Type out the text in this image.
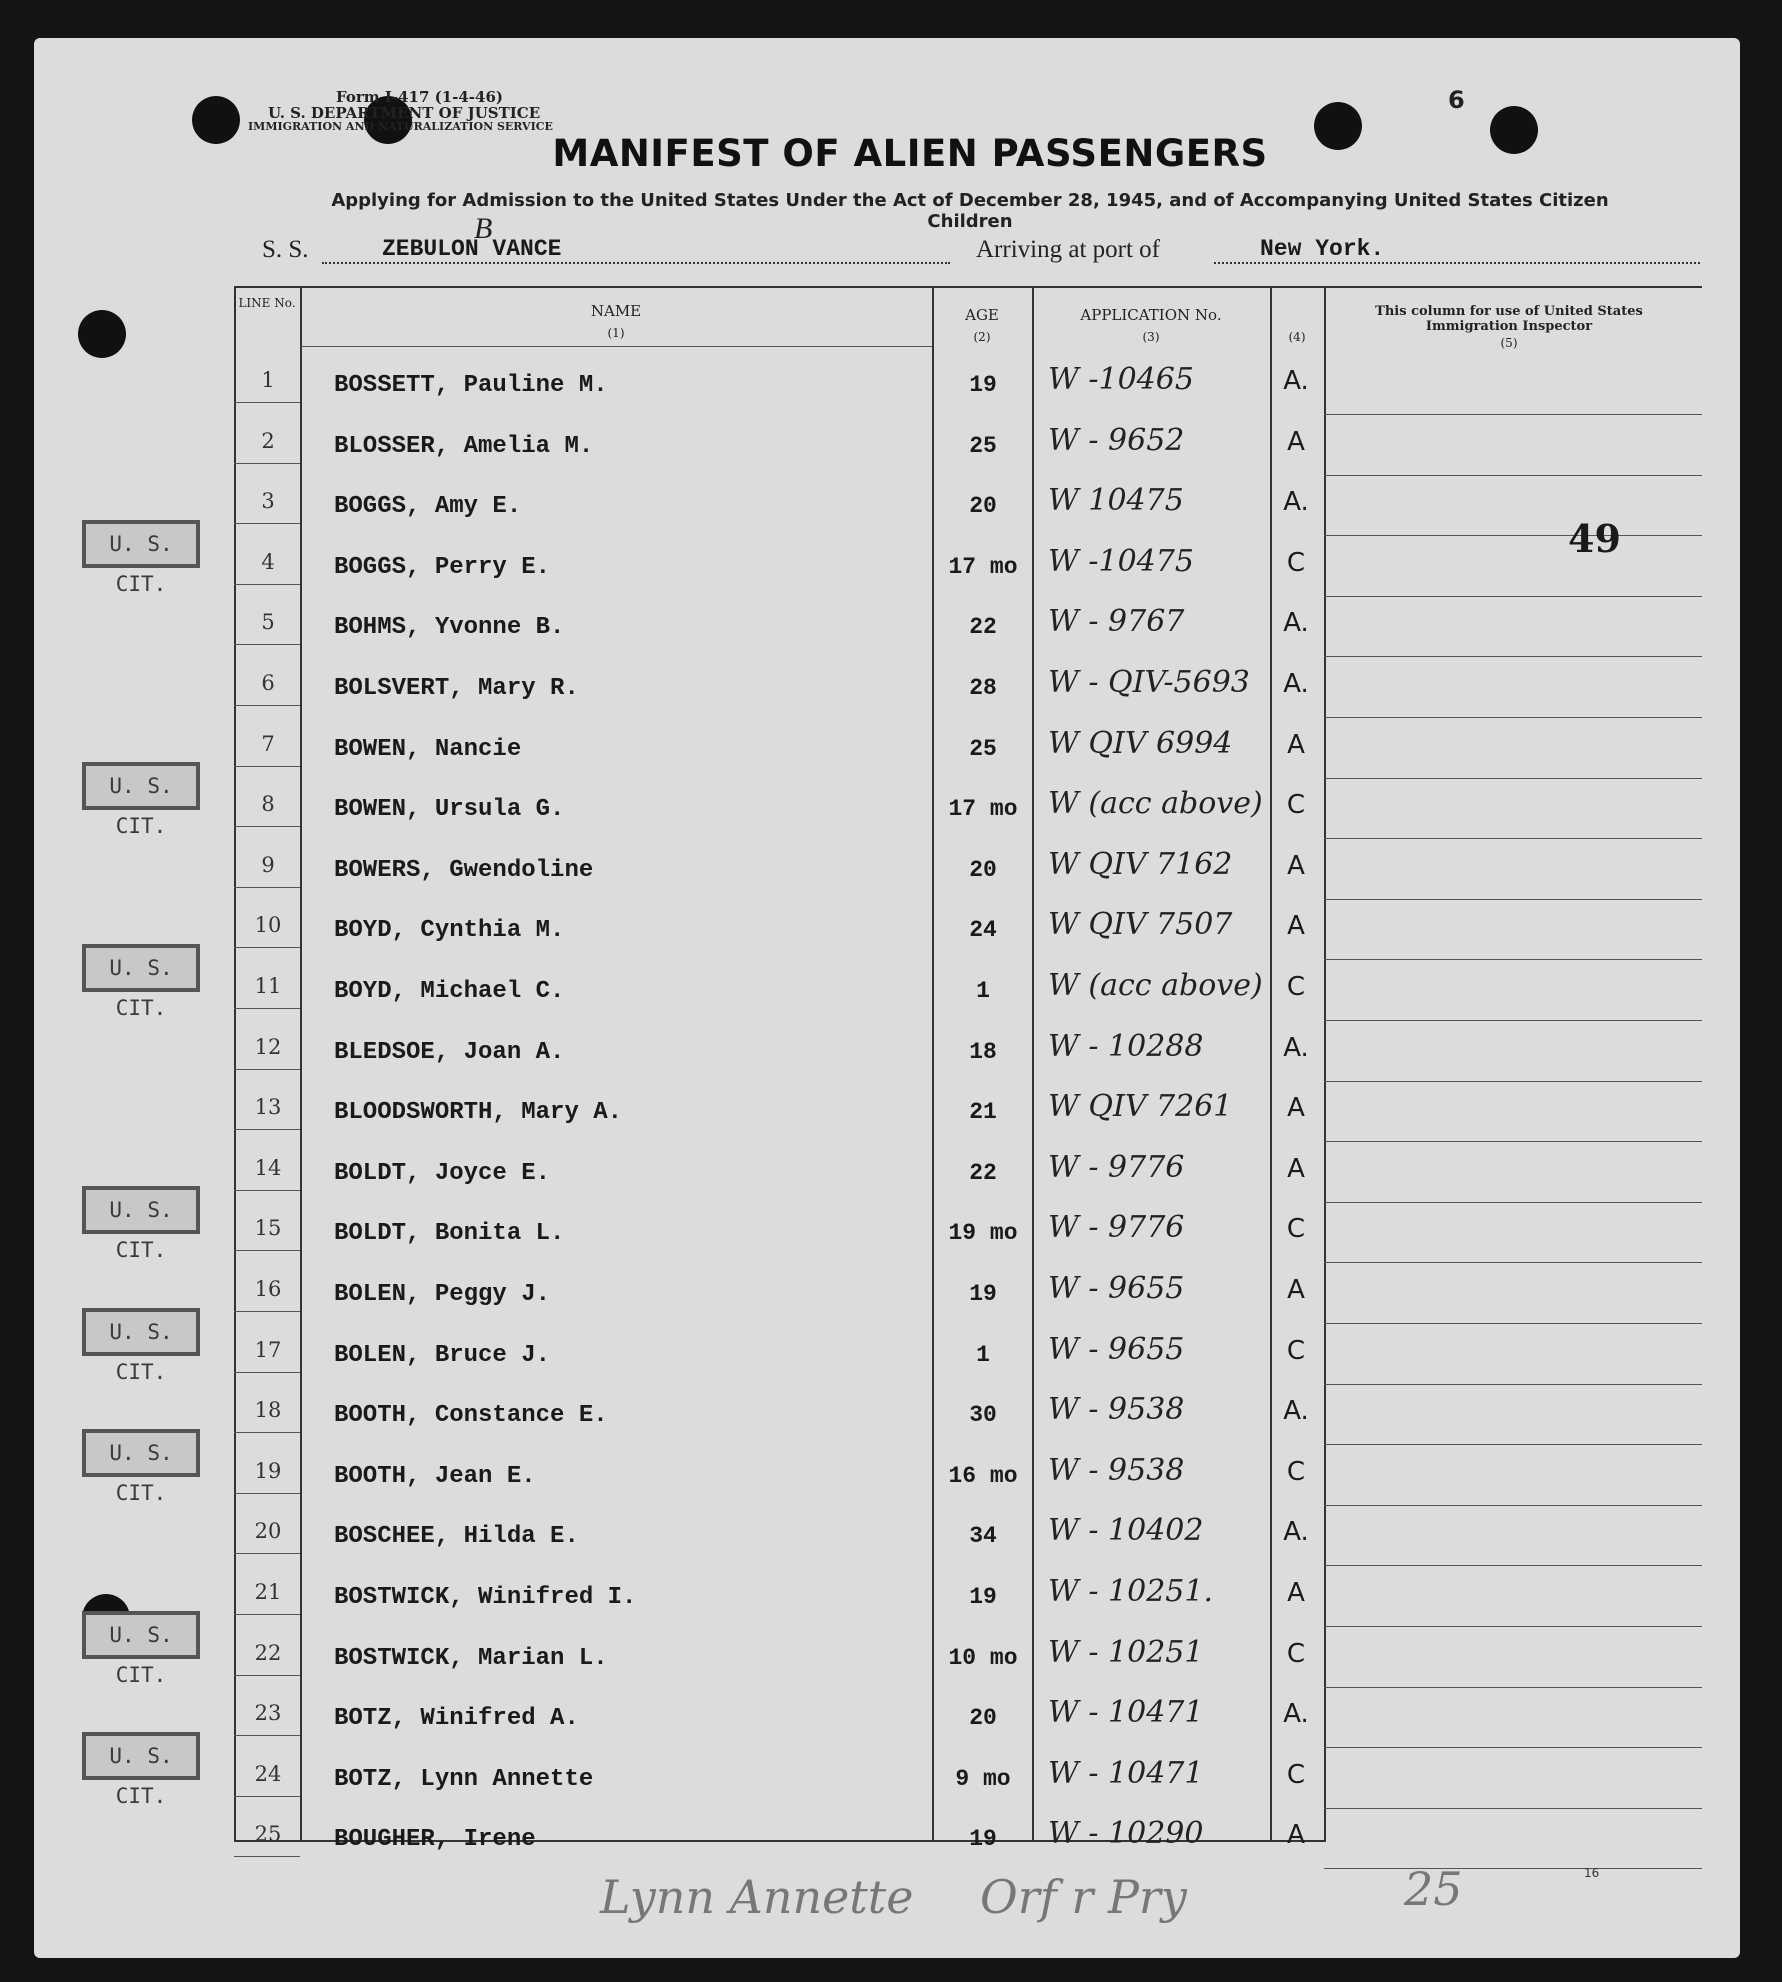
Form I-417 (1-4-46)
U. S. DEPARTMENT OF JUSTICE
IMMIGRATION AND NATURALIZATION SERVICE
6
MANIFEST OF ALIEN PASSENGERS
Applying for Admission to the United States Under the Act of December 28, 1945, and of Accompanying United States Citizen Children
S. S.	ZEBULON VANCE
B
Arriving at port of	New York.
LINE No.	NAME
(1)
AGE
(2)
APPLICATION No.
(3)	(4)
This column for use of United States Immigration Inspector
(5)
1	BOSSETT, Pauline M.	19	W -10465	A.
2	BLOSSER, Amelia M.	25	W - 9652	A
3	BOGGS, Amy E.	20	W 10475	A.
4	BOGGS, Perry E.	17 mo	W -10475	C
5	BOHMS, Yvonne B.	22	W - 9767	A.
6	BOLSVERT, Mary R.	28	W - QIV-5693 A.
7	BOWEN, Nancie	25	W QIV 6994	A
8	BOWEN, Ursula G.	17 mo	W (acc above) C
9	BOWERS, Gwendoline	20	W QIV 7162	A
10	BOYD, Cynthia M.	24	W QIV 7507	A
11	BOYD, Michael C.	1	W (acc above) C
12	BLEDSOE, Joan A.	18	W - 10288	A.
13	BLOODSWORTH, Mary A.	21	W QIV 7261	A
14	BOLDT, Joyce E.	22	W - 9776	A
15	BOLDT, Bonita L.	19 mo	W - 9776	C
16	BOLEN, Peggy J.	19	W - 9655	A
17	BOLEN, Bruce J.	1	W - 9655	C
18	BOOTH, Constance E.	30	W - 9538	A.
19	BOOTH, Jean E.	16 mo	W - 9538	C
20	BOSCHEE, Hilda E.	34	W - 10402	A.
21	BOSTWICK, Winifred I.	19	W - 10251.	A
22	BOSTWICK, Marian L.	10 mo	W - 10251	C
23	BOTZ, Winifred A.	20	W - 10471	A.
24	BOTZ, Lynn Annette	9 mo	W - 10471	C
25	BOUGHER, Irene	19	W - 10290	A
49
U. S. CIT.
U. S. CIT.
U. S. CIT.
U. S. CIT.
U. S. CIT.
U. S. CIT.
U. S. CIT.
U. S. CIT.
Lynn Annette Orf r Pry	25	16
